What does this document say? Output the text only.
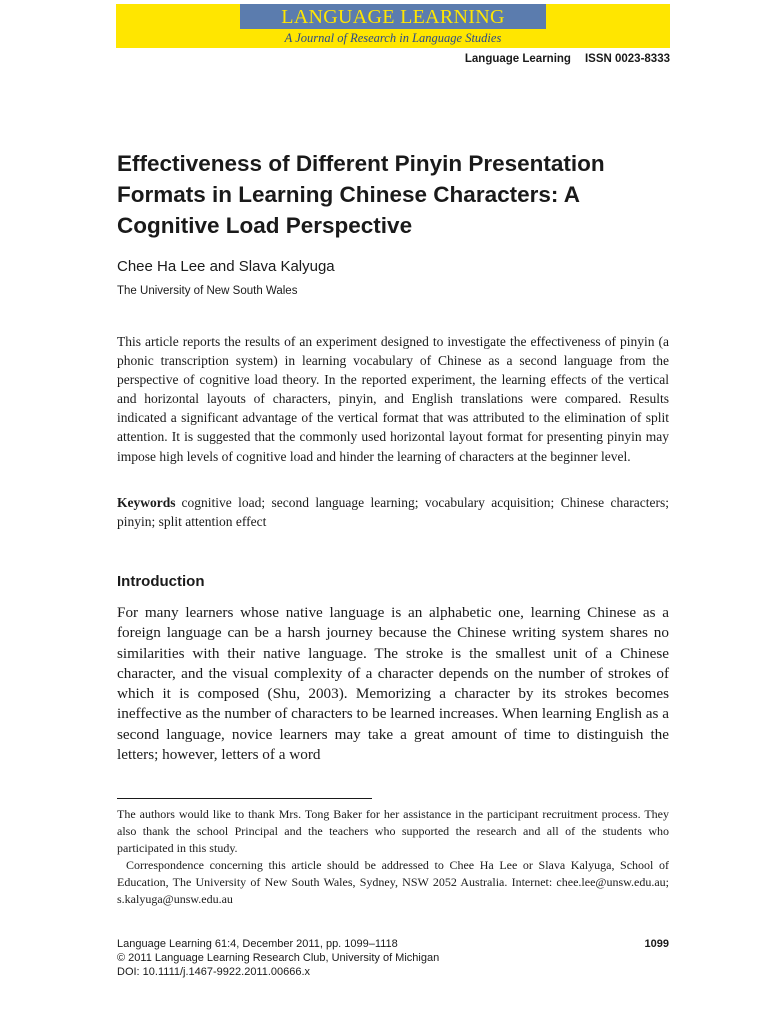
LANGUAGE LEARNING
A Journal of Research in Language Studies
Language Learning ISSN 0023-8333
Effectiveness of Different Pinyin Presentation Formats in Learning Chinese Characters: A Cognitive Load Perspective
Chee Ha Lee and Slava Kalyuga
The University of New South Wales

This article reports the results of an experiment designed to investigate the effectiveness of pinyin (a phonic transcription system) in learning vocabulary of Chinese as a second language from the perspective of cognitive load theory. In the reported experiment, the learning effects of the vertical and horizontal layouts of characters, pinyin, and English translations were compared. Results indicated a significant advantage of the vertical format that was attributed to the elimination of split attention. It is suggested that the commonly used horizontal layout format for presenting pinyin may impose high levels of cognitive load and hinder the learning of characters at the beginner level.

Keywords cognitive load; second language learning; vocabulary acquisition; Chinese characters; pinyin; split attention effect

Introduction

For many learners whose native language is an alphabetic one, learning Chinese as a foreign language can be a harsh journey because the Chinese writing system shares no similarities with their native language. The stroke is the smallest unit of a Chinese character, and the visual complexity of a character depends on the number of strokes of which it is composed (Shu, 2003). Memorizing a character by its strokes becomes ineffective as the number of characters to be learned increases. When learning English as a second language, novice learners may take a great amount of time to distinguish the letters; however, letters of a word

The authors would like to thank Mrs. Tong Baker for her assistance in the participant recruitment process. They also thank the school Principal and the teachers who supported the research and all of the students who participated in this study.

Correspondence concerning this article should be addressed to Chee Ha Lee or Slava Kalyuga, School of Education, The University of New South Wales, Sydney, NSW 2052 Australia. Internet: chee.lee@unsw.edu.au; s.kalyuga@unsw.edu.au

Language Learning 61:4, December 2011, pp. 1099–1118	1099
© 2011 Language Learning Research Club, University of Michigan
DOI: 10.1111/j.1467-9922.2011.00666.x
